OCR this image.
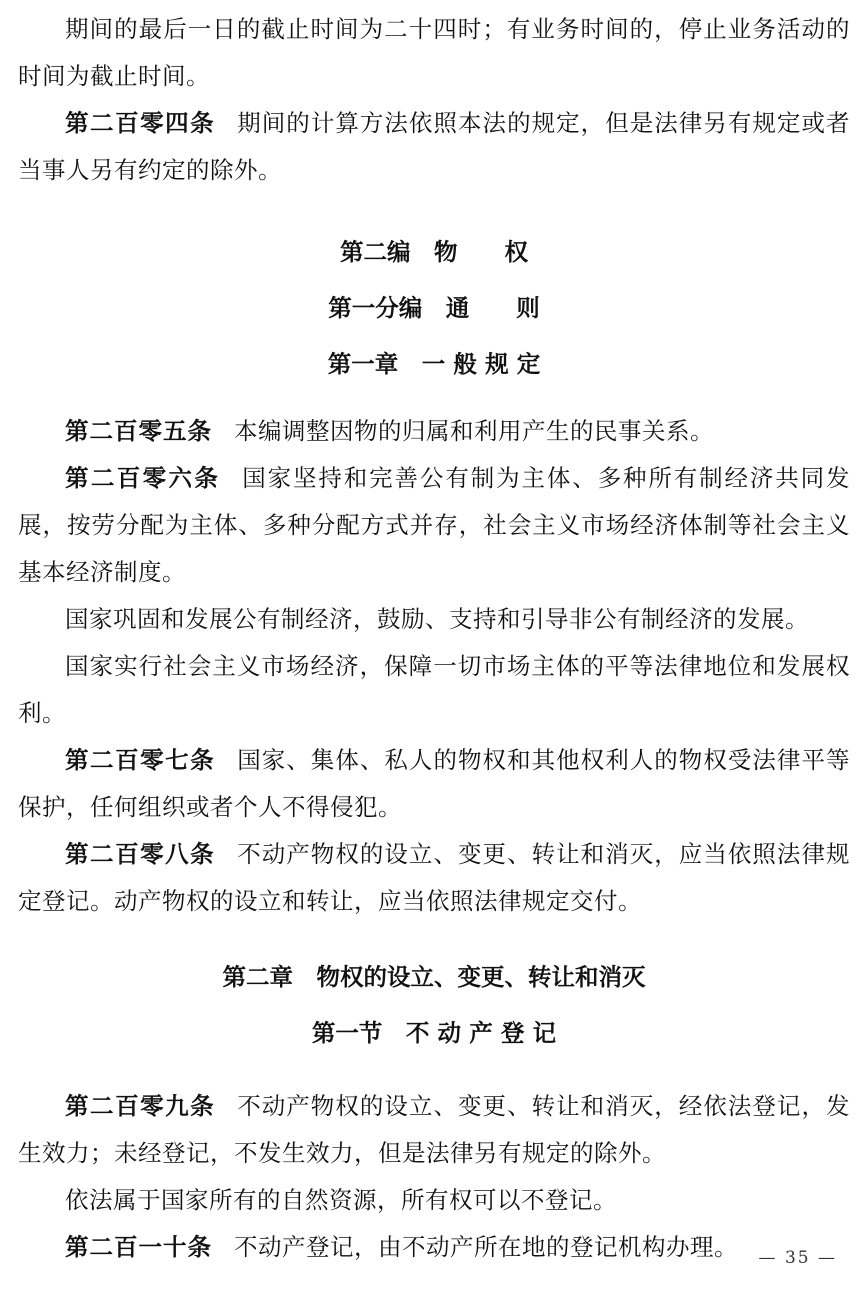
期间的最后一日的截止时间为二十四时；有业务时间的，停止业务活动的时间为截止时间。

第二百零四条 期间的计算方法依照本法的规定，但是法律另有规定或者当事人另有约定的除外。

第二编　物　　权
第一分编　通　　则
第一章　一 般 规 定

第二百零五条 本编调整因物的归属和利用产生的民事关系。

第二百零六条 国家坚持和完善公有制为主体、多种所有制经济共同发展，按劳分配为主体、多种分配方式并存，社会主义市场经济体制等社会主义基本经济制度。

国家巩固和发展公有制经济，鼓励、支持和引导非公有制经济的发展。

国家实行社会主义市场经济，保障一切市场主体的平等法律地位和发展权利。

第二百零七条 国家、集体、私人的物权和其他权利人的物权受法律平等保护，任何组织或者个人不得侵犯。

第二百零八条 不动产物权的设立、变更、转让和消灭，应当依照法律规定登记。动产物权的设立和转让，应当依照法律规定交付。

第二章　物权的设立、变更、转让和消灭
第一节　不 动 产 登 记

第二百零九条 不动产物权的设立、变更、转让和消灭，经依法登记，发生效力；未经登记，不发生效力，但是法律另有规定的除外。

依法属于国家所有的自然资源，所有权可以不登记。

第二百一十条 不动产登记，由不动产所在地的登记机构办理。	— 35 —
